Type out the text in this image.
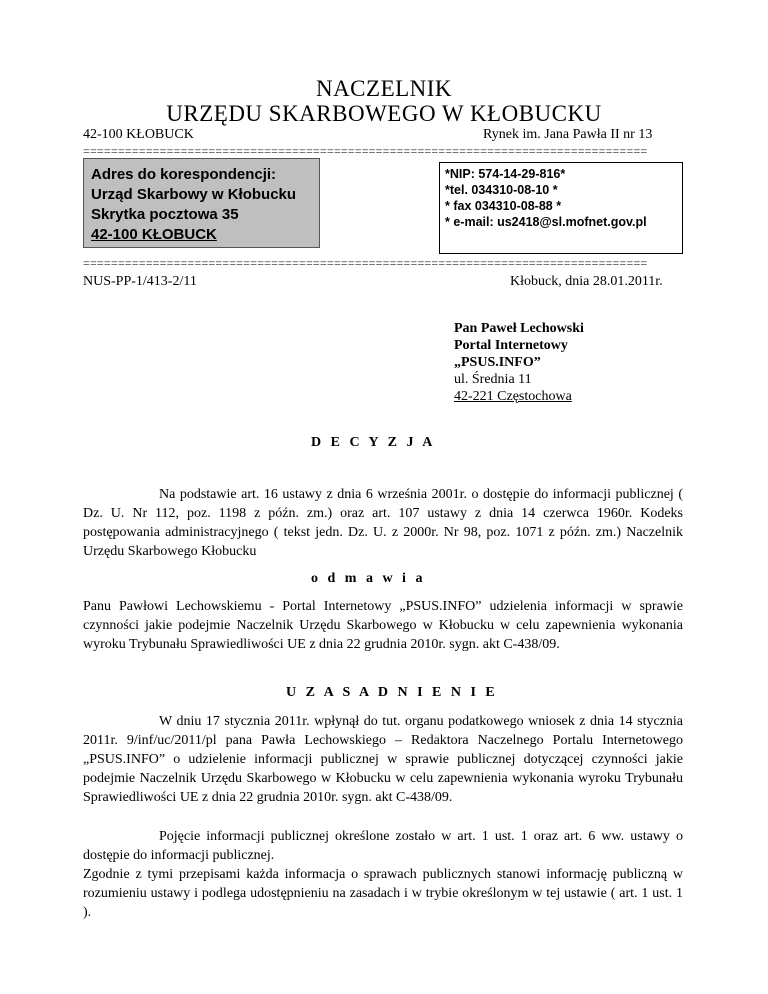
NACZELNIK
URZĘDU SKARBOWEGO W KŁOBUCKU
42-100 KŁOBUCK	Rynek im. Jana Pawła II nr 13
=================================================================================
Adres do korespondencji:
Urząd Skarbowy w Kłobucku
Skrytka pocztowa 35
42-100 KŁOBUCK
*NIP: 574-14-29-816*
*tel. 034310-08-10 *
* fax 034310-08-88 *
* e-mail: us2418@sl.mofnet.gov.pl
=================================================================================
NUS-PP-1/413-2/11	Kłobuck, dnia 28.01.2011r.
Pan Paweł Lechowski
Portal Internetowy
„PSUS.INFO”
ul. Średnia 11
42-221 Częstochowa
D E C Y Z J A
Na podstawie art. 16 ustawy z dnia 6 września 2001r. o dostępie do informacji publicznej ( Dz. U. Nr 112, poz. 1198 z późn. zm.) oraz art. 107 ustawy z dnia 14 czerwca 1960r. Kodeks postępowania administracyjnego ( tekst jedn. Dz. U. z 2000r. Nr 98, poz. 1071 z późn. zm.) Naczelnik Urzędu Skarbowego Kłobucku
o d m a w i a
Panu Pawłowi Lechowskiemu - Portal Internetowy „PSUS.INFO” udzielenia informacji w sprawie czynności jakie podejmie Naczelnik Urzędu Skarbowego w Kłobucku w celu zapewnienia wykonania wyroku Trybunału Sprawiedliwości UE z dnia 22 grudnia 2010r. sygn. akt C-438/09.
U Z A S A D N I E N I E
W dniu 17 stycznia 2011r. wpłynął do tut. organu podatkowego wniosek z dnia 14 stycznia 2011r. 9/inf/uc/2011/pl pana Pawła Lechowskiego – Redaktora Naczelnego Portalu Internetowego „PSUS.INFO” o udzielenie informacji publicznej w sprawie publicznej dotyczącej czynności jakie podejmie Naczelnik Urzędu Skarbowego w Kłobucku w celu zapewnienia wykonania wyroku Trybunału Sprawiedliwości UE z dnia 22 grudnia 2010r. sygn. akt C-438/09.
Pojęcie informacji publicznej określone zostało w art. 1 ust. 1 oraz art. 6 ww. ustawy o dostępie do informacji publicznej.
Zgodnie z tymi przepisami każda informacja o sprawach publicznych stanowi informację publiczną w rozumieniu ustawy i podlega udostępnieniu na zasadach i w trybie określonym w tej ustawie ( art. 1 ust. 1 ).
